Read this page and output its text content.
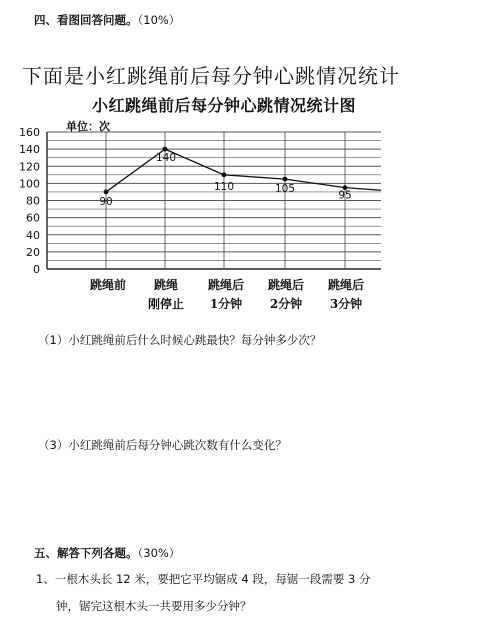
四、看图回答问题。（10%）
下面是小红跳绳前后每分钟心跳情况统计
小红跳绳前后每分钟心跳情况统计图
单位：次
0
20
40
60
80
100
120
140
160
90
140
110	105
95
跳绳前	跳绳
刚停止
跳绳后
1分钟
跳绳后
2分钟
跳绳后
3分钟
（1）小红跳绳前后什么时候心跳最快？每分钟多少次？
（3）小红跳绳前后每分钟心跳次数有什么变化？
五、解答下列各题。（30%）
1、一根木头长 12 米，要把它平均锯成 4 段，每锯一段需要 3 分
钟，锯完这根木头一共要用多少分钟？
